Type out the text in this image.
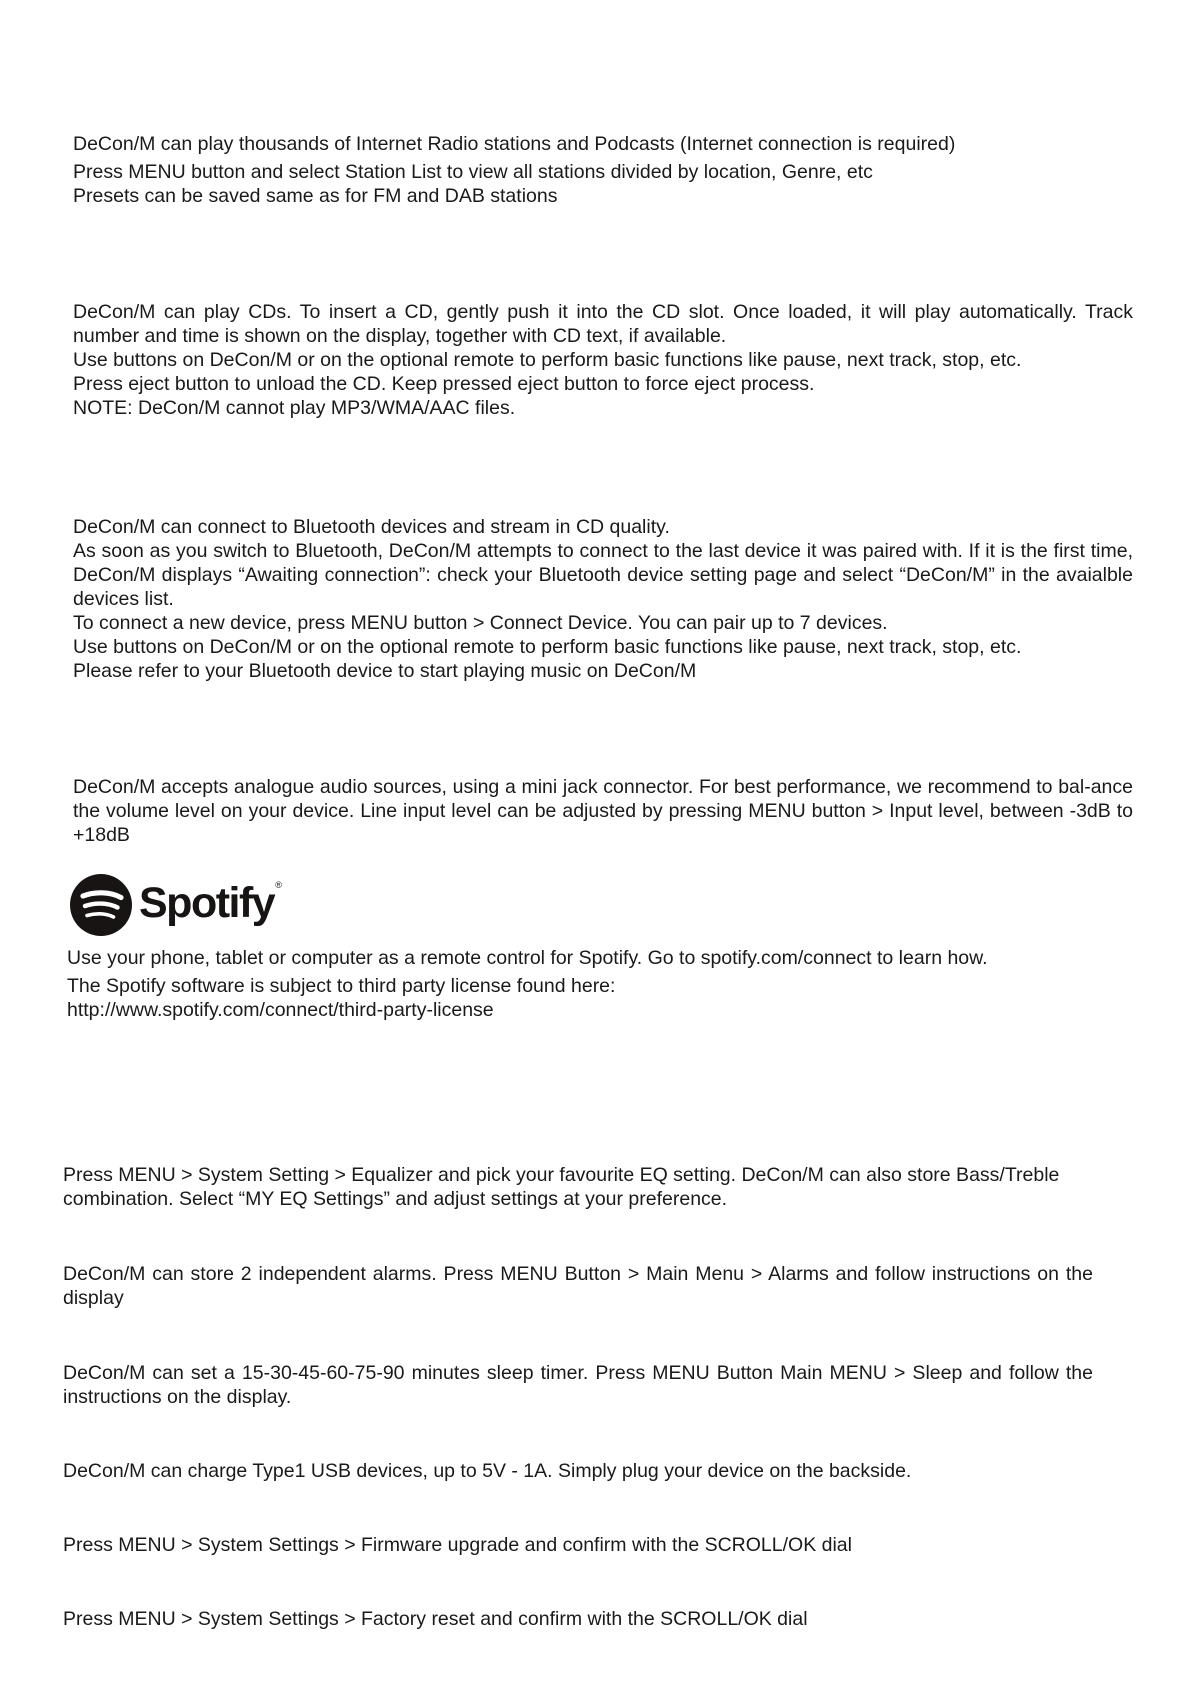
DeCon/M can play thousands of Internet Radio stations and Podcasts (Internet connection is required)
Press MENU button and select Station List to view all stations divided by location, Genre, etc
Presets can be saved same as for FM and DAB stations
DeCon/M can play CDs. To insert a CD, gently push it into the CD slot. Once loaded, it will play automatically. Track number and time is shown on the display, together with CD text, if available.
Use buttons on DeCon/M or on the optional remote to perform basic functions like pause, next track, stop, etc.
Press eject button to unload the CD. Keep pressed eject button to force eject process.
NOTE: DeCon/M cannot play MP3/WMA/AAC files.
DeCon/M can connect to Bluetooth devices and stream in CD quality.
As soon as you switch to Bluetooth, DeCon/M attempts to connect to the last device it was paired with. If it is the first time, DeCon/M displays “Awaiting connection”: check your Bluetooth device setting page and select “DeCon/M” in the avaialble devices list.
To connect a new device, press MENU button > Connect Device. You can pair up to 7 devices.
Use buttons on DeCon/M or on the optional remote to perform basic functions like pause, next track, stop, etc.
Please refer to your Bluetooth device to start playing music on DeCon/M
DeCon/M accepts analogue audio sources, using a mini jack connector. For best performance, we recommend to bal-ance the volume level on your device. Line input level can be adjusted by pressing MENU button > Input level, between -3dB to +18dB
Spotify ®
Use your phone, tablet or computer as a remote control for Spotify. Go to spotify.com/connect to learn how.
The Spotify software is subject to third party license found here:
http://www.spotify.com/connect/third-party-license
Press MENU > System Setting > Equalizer and pick your favourite EQ setting. DeCon/M can also store Bass/Treble combination. Select “MY EQ Settings” and adjust settings at your preference.
DeCon/M can store 2 independent alarms. Press MENU Button > Main Menu > Alarms and follow instructions on the display
DeCon/M can set a 15-30-45-60-75-90 minutes sleep timer. Press MENU Button Main MENU > Sleep and follow the instructions on the display.
DeCon/M can charge Type1 USB devices, up to 5V - 1A. Simply plug your device on the backside.
Press MENU > System Settings > Firmware upgrade and confirm with the SCROLL/OK dial
Press MENU > System Settings > Factory reset and confirm with the SCROLL/OK dial
